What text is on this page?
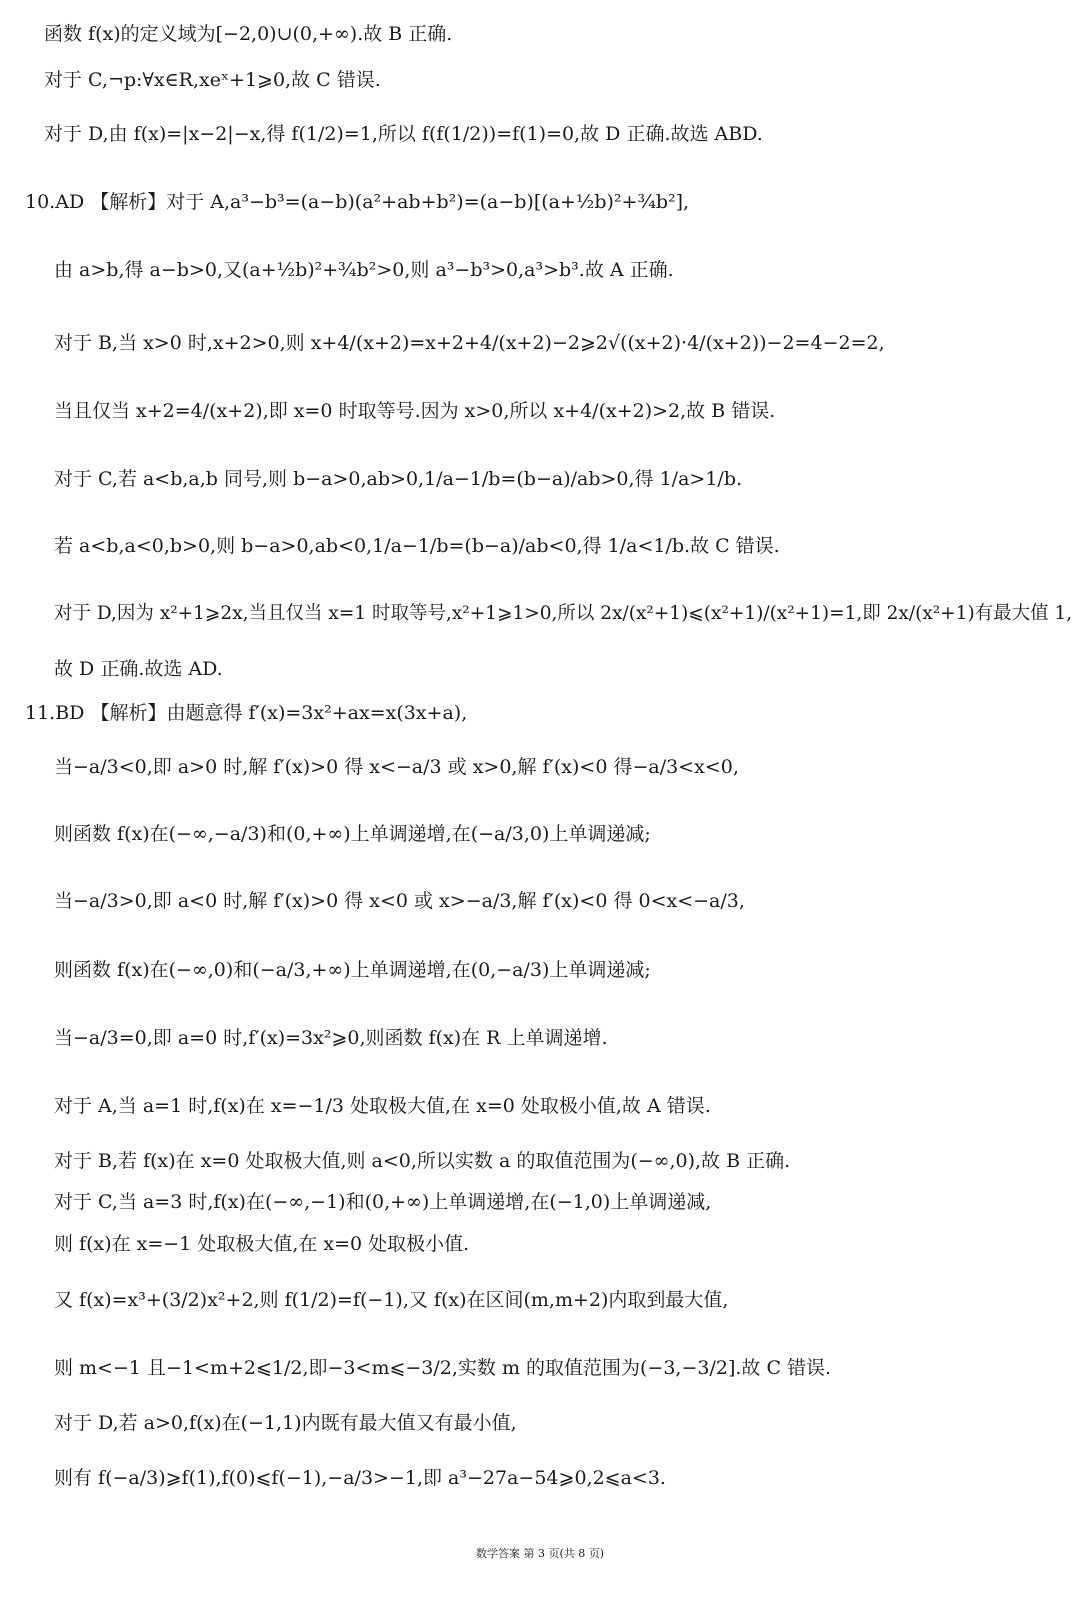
函数 f(x)的定义域为[−2,0)∪(0,+∞).故 B 正确.
对于 C,¬p:∀x∈R,xeˣ+1⩾0,故 C 错误.
对于 D,由 f(x)=|x−2|−x,得 f(1/2)=1,所以 f(f(1/2))=f(1)=0,故 D 正确.故选 ABD.
10.AD 【解析】对于 A,a³−b³=(a−b)(a²+ab+b²)=(a−b)[(a+½b)²+¾b²],
由 a>b,得 a−b>0,又(a+½b)²+¾b²>0,则 a³−b³>0,a³>b³.故 A 正确.
对于 B,当 x>0 时,x+2>0,则 x+4/(x+2)=x+2+4/(x+2)−2⩾2√((x+2)·4/(x+2))−2=4−2=2,
当且仅当 x+2=4/(x+2),即 x=0 时取等号.因为 x>0,所以 x+4/(x+2)>2,故 B 错误.
对于 C,若 a<b,a,b 同号,则 b−a>0,ab>0,1/a−1/b=(b−a)/ab>0,得 1/a>1/b.
若 a<b,a<0,b>0,则 b−a>0,ab<0,1/a−1/b=(b−a)/ab<0,得 1/a<1/b.故 C 错误.
对于 D,因为 x²+1⩾2x,当且仅当 x=1 时取等号,x²+1⩾1>0,所以 2x/(x²+1)⩽(x²+1)/(x²+1)=1,即 2x/(x²+1)有最大值 1,
故 D 正确.故选 AD.
11.BD 【解析】由题意得 f′(x)=3x²+ax=x(3x+a),
当−a/3<0,即 a>0 时,解 f′(x)>0 得 x<−a/3 或 x>0,解 f′(x)<0 得−a/3<x<0,
则函数 f(x)在(−∞,−a/3)和(0,+∞)上单调递增,在(−a/3,0)上单调递减;
当−a/3>0,即 a<0 时,解 f′(x)>0 得 x<0 或 x>−a/3,解 f′(x)<0 得 0<x<−a/3,
则函数 f(x)在(−∞,0)和(−a/3,+∞)上单调递增,在(0,−a/3)上单调递减;
当−a/3=0,即 a=0 时,f′(x)=3x²⩾0,则函数 f(x)在 R 上单调递增.
对于 A,当 a=1 时,f(x)在 x=−1/3 处取极大值,在 x=0 处取极小值,故 A 错误.
对于 B,若 f(x)在 x=0 处取极大值,则 a<0,所以实数 a 的取值范围为(−∞,0),故 B 正确.
对于 C,当 a=3 时,f(x)在(−∞,−1)和(0,+∞)上单调递增,在(−1,0)上单调递减,
则 f(x)在 x=−1 处取极大值,在 x=0 处取极小值.
又 f(x)=x³+(3/2)x²+2,则 f(1/2)=f(−1),又 f(x)在区间(m,m+2)内取到最大值,
则 m<−1 且−1<m+2⩽1/2,即−3<m⩽−3/2,实数 m 的取值范围为(−3,−3/2].故 C 错误.
对于 D,若 a>0,f(x)在(−1,1)内既有最大值又有最小值,
则有 f(−a/3)⩾f(1),f(0)⩽f(−1),−a/3>−1,即 a³−27a−54⩾0,2⩽a<3.
数学答案 第 3 页(共 8 页)
